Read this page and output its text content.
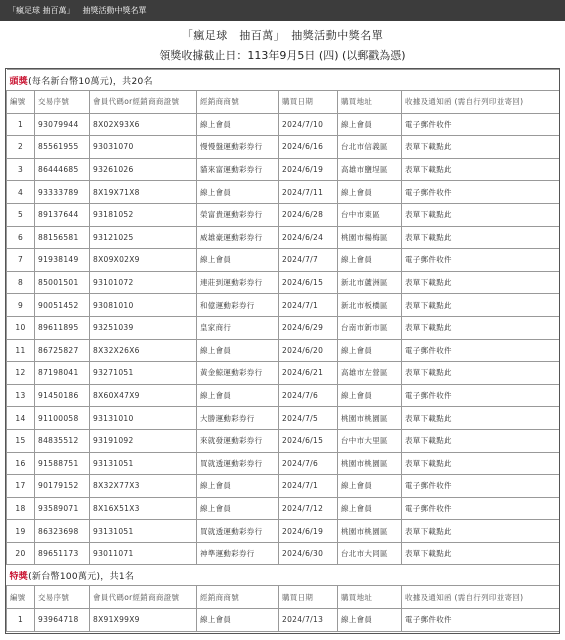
「瘋足球 抽百萬」 抽獎活動中獎名單
「瘋足球　抽百萬」　抽獎活動中獎名單
領獎收據截止日：113年9月5日 (四) (以郵戳為憑)
頭獎(每名新台幣10萬元)，共20名						
編號	交易序號	會員代碼or經銷商商證號	經銷商商號	購買日期	購買地址	收據及通知函 (需自行列印並寄回)
1	93079944	8X02X93X6	線上會員	2024/7/10	線上會員	電子郵件收件
2	85561955	93031070	慢慢盤運動彩券行	2024/6/16	台北市信義區	表單下載點此
3	86444685	93261026	貓來富運動彩券行	2024/6/19	高雄市鹽埕區	表單下載點此
4	93333789	8X19X71X8	線上會員	2024/7/11	線上會員	電子郵件收件
5	89137644	93181052	榮富貴運動彩券行	2024/6/28	台中市東區	表單下載點此
6	88156581	93121025	威雄豪運動彩券行	2024/6/24	桃園市楊梅區	表單下載點此
7	91938149	8X09X02X9	線上會員	2024/7/7	線上會員	電子郵件收件
8	85001501	93101072	連莊到運動彩券行	2024/6/15	新北市蘆洲區	表單下載點此
9	90051452	93081010	和億運動彩券行	2024/7/1	新北市板橋區	表單下載點此
10	89611895	93251039	皇家商行	2024/6/29	台南市新市區	表單下載點此
11	86725827	8X32X26X6	線上會員	2024/6/20	線上會員	電子郵件收件
12	87198041	93271051	黃金鯨運動彩券行	2024/6/21	高雄市左營區	表單下載點此
13	91450186	8X60X47X9	線上會員	2024/7/6	線上會員	電子郵件收件
14	91100058	93131010	大勝運動彩券行	2024/7/5	桃園市桃園區	表單下載點此
15	84835512	93191092	來就發運動彩券行	2024/6/15	台中市大里區	表單下載點此
16	91588751	93131051	買就透運動彩券行	2024/7/6	桃園市桃園區	表單下載點此
17	90179152	8X32X77X3	線上會員	2024/7/1	線上會員	電子郵件收件
18	93589071	8X16X51X3	線上會員	2024/7/12	線上會員	電子郵件收件
19	86323698	93131051	買就透運動彩券行	2024/6/19	桃園市桃園區	表單下載點此
20	89651173	93011071	神準運動彩券行	2024/6/30	台北市大同區	表單下載點此
特獎(新台幣100萬元)，共1名						
編號	交易序號	會員代碼or經銷商商證號	經銷商商號	購買日期	購買地址	收據及通知函 (需自行列印並寄回)
1	93964718	8X91X99X9	線上會員	2024/7/13	線上會員	電子郵件收件
